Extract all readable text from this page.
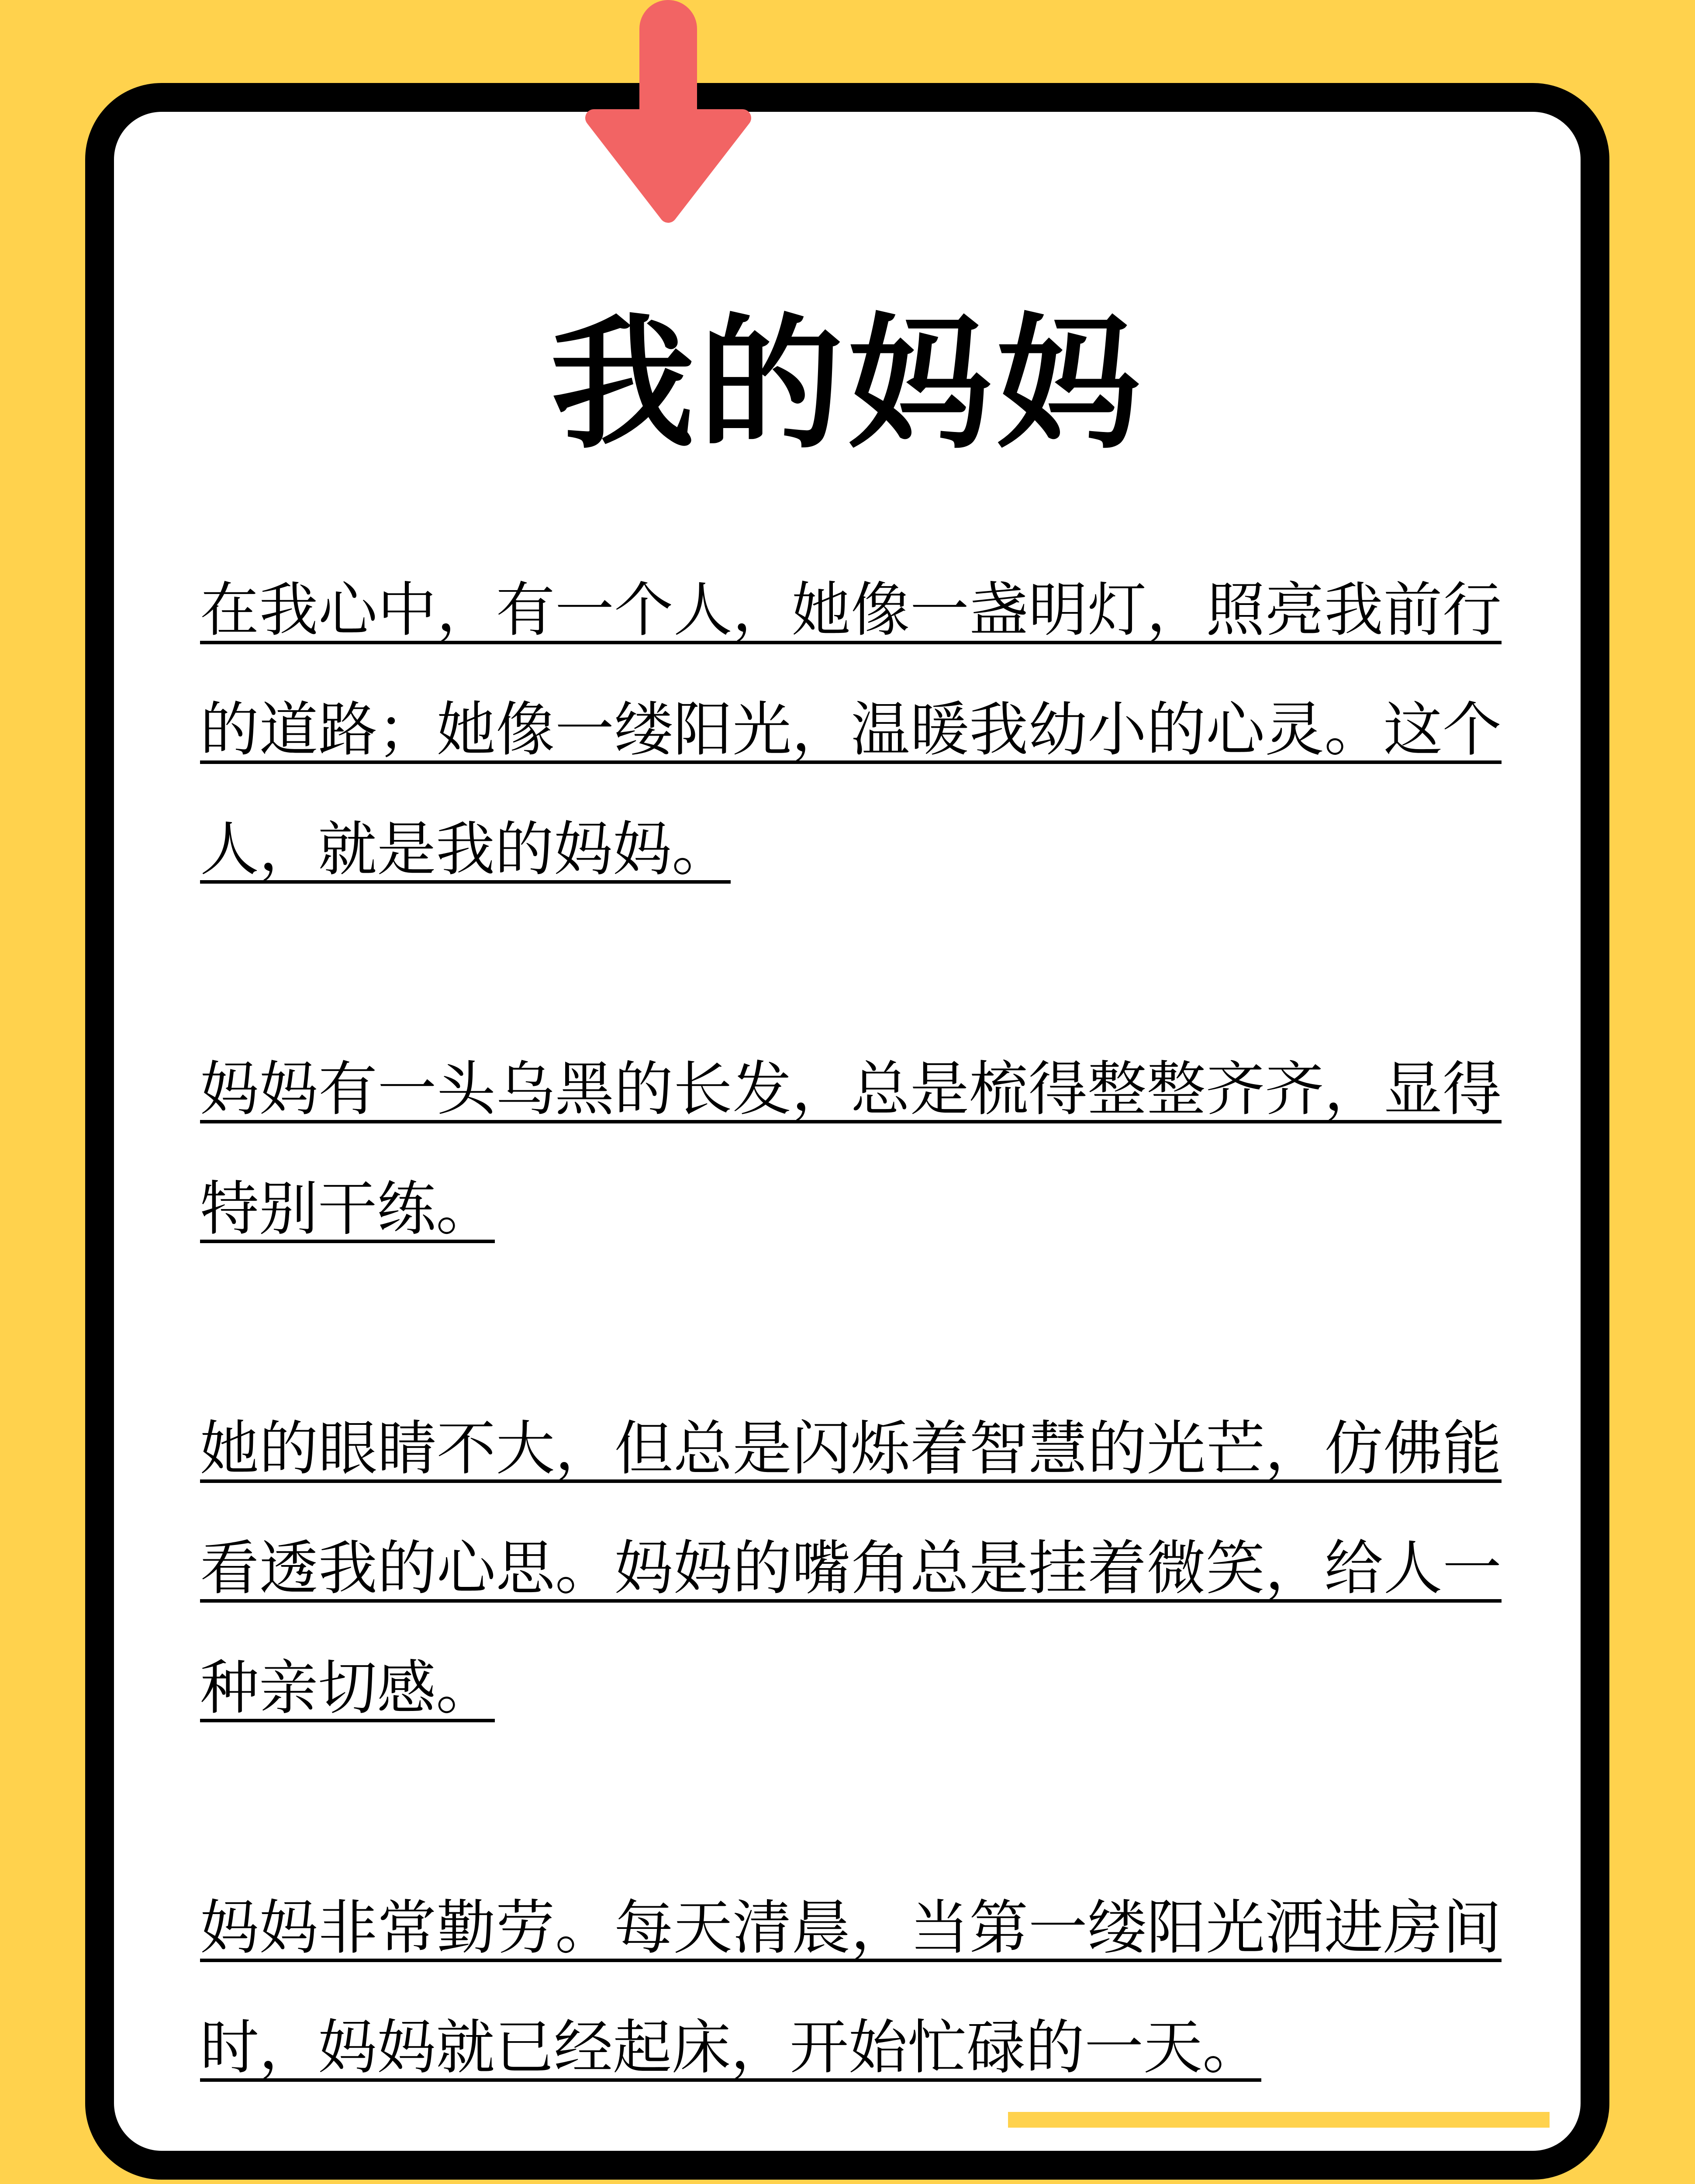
我的妈妈

在我心中，有一个人，她像一盏明灯，照亮我前行的道路；她像一缕阳光，温暖我幼小的心灵。这个人，就是我的妈妈。

妈妈有一头乌黑的长发，总是梳得整整齐齐，显得特别干练。

她的眼睛不大，但总是闪烁着智慧的光芒，仿佛能看透我的心思。妈妈的嘴角总是挂着微笑，给人一种亲切感。

妈妈非常勤劳。每天清晨，当第一缕阳光洒进房间时，妈妈就已经起床，开始忙碌的一天。
